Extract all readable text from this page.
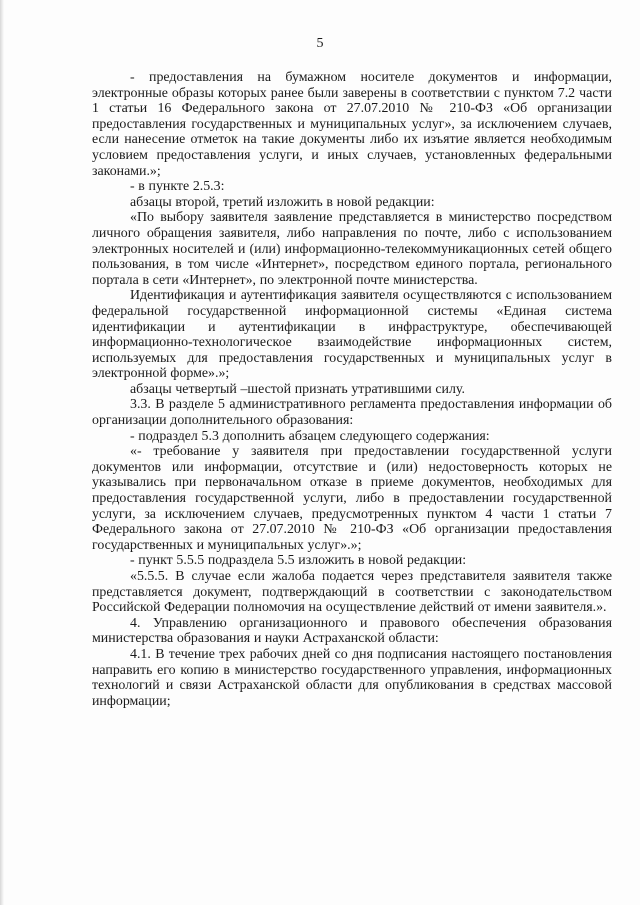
5

- предоставления на бумажном носителе документов и информации, электронные образы которых ранее были заверены в соответствии с пунктом 7.2 части 1 статьи 16 Федерального закона от 27.07.2010 № 210-ФЗ «Об организации предоставления государственных и муниципальных услуг», за исключением случаев, если нанесение отметок на такие документы либо их изъятие является необходимым условием предоставления услуги, и иных случаев, установленных федеральными законами.»;

- в пункте 2.5.3:

абзацы второй, третий изложить в новой редакции:

«По выбору заявителя заявление представляется в министерство посредством личного обращения заявителя, либо направления по почте, либо с использованием электронных носителей и (или) информационно-телекоммуникационных сетей общего пользования, в том числе «Интернет», посредством единого портала, регионального портала в сети «Интернет», по электронной почте министерства.

Идентификация и аутентификация заявителя осуществляются с использованием федеральной государственной информационной системы «Единая система идентификации и аутентификации в инфраструктуре, обеспечивающей информационно-технологическое взаимодействие информационных систем, используемых для предоставления государственных и муниципальных услуг в электронной форме».»;

абзацы четвертый –шестой признать утратившими силу.

3.3. В разделе 5 административного регламента предоставления информации об организации дополнительного образования:

- подраздел 5.3 дополнить абзацем следующего содержания:

«- требование у заявителя при предоставлении государственной услуги документов или информации, отсутствие и (или) недостоверность которых не указывались при первоначальном отказе в приеме документов, необходимых для предоставления государственной услуги, либо в предоставлении государственной услуги, за исключением случаев, предусмотренных пунктом 4 части 1 статьи 7 Федерального закона от 27.07.2010 № 210-ФЗ «Об организации предоставления государственных и муниципальных услуг».»;

- пункт 5.5.5 подраздела 5.5 изложить в новой редакции:

«5.5.5. В случае если жалоба подается через представителя заявителя также представляется документ, подтверждающий в соответствии с законодательством Российской Федерации полномочия на осуществление действий от имени заявителя.».

4. Управлению организационного и правового обеспечения образования министерства образования и науки Астраханской области:

4.1. В течение трех рабочих дней со дня подписания настоящего постановления направить его копию в министерство государственного управления, информационных технологий и связи Астраханской области для опубликования в средствах массовой информации;
